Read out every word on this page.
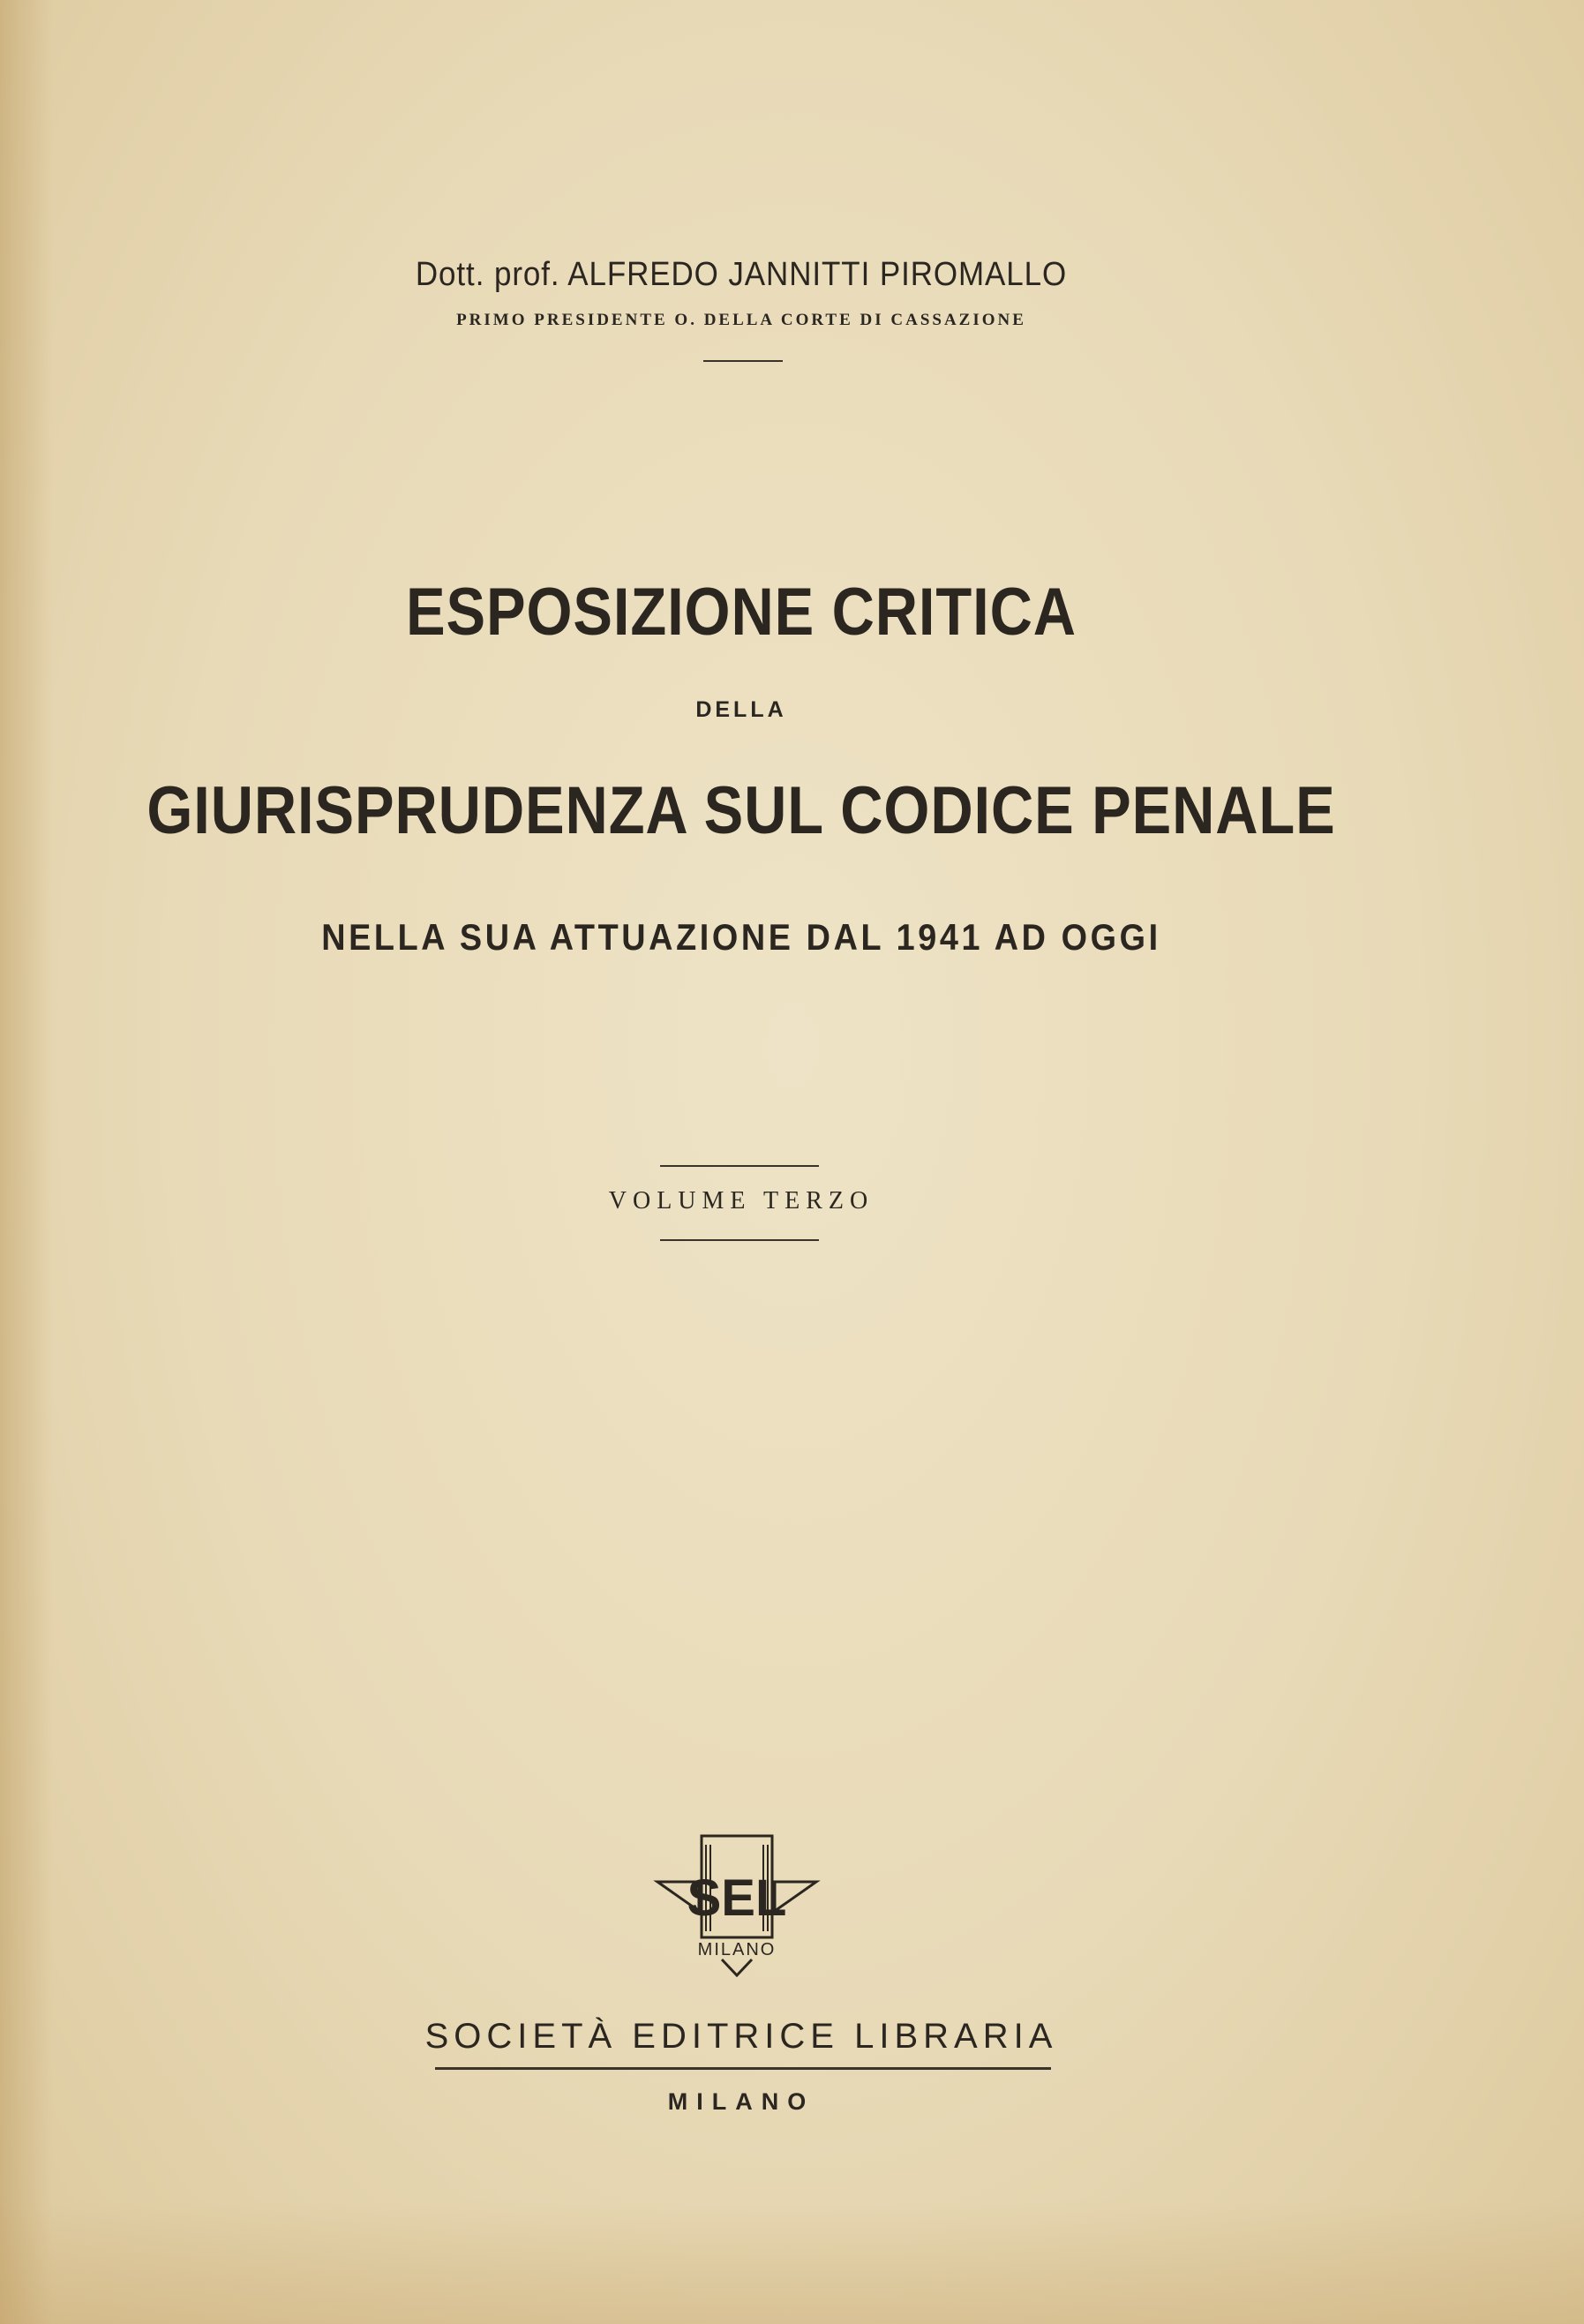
Dott. prof. ALFREDO JANNITTI PIROMALLO
PRIMO PRESIDENTE O. DELLA CORTE DI CASSAZIONE
ESPOSIZIONE CRITICA
DELLA
GIURISPRUDENZA SUL CODICE PENALE
NELLA SUA ATTUAZIONE DAL 1941 AD OGGI
VOLUME TERZO
SEL
MILANO
SOCIETÀ EDITRICE LIBRARIA
MILANO
